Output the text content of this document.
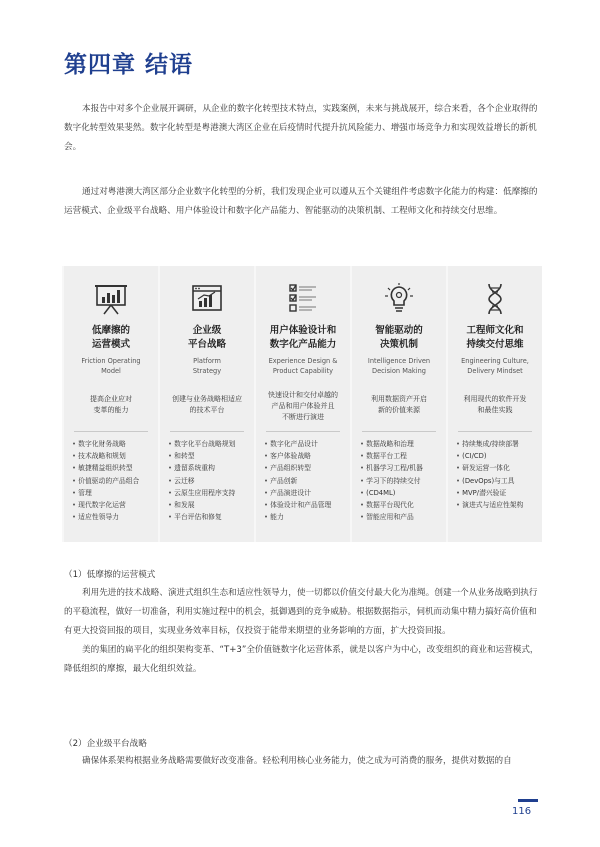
第四章 结语

本报告中对多个企业展开调研，从企业的数字化转型技术特点，实践案例，未来与挑战展开，综合来看，各个企业取得的数字化转型效果斐然。数字化转型是粤港澳大湾区企业在后疫情时代提升抗风险能力、增强市场竞争力和实现效益增长的新机会。

通过对粤港澳大湾区部分企业数字化转型的分析，我们发现企业可以遵从五个关键组件考虑数字化能力的构建：低摩擦的运营模式、企业级平台战略、用户体验设计和数字化产品能力、智能驱动的决策机制、工程师文化和持续交付思维。

低摩擦的
运营模式
Friction Operating
Model
提高企业应对
变革的能力
• 数字化财务战略
• 技术战略和规划
• 敏捷精益组织转型
• 价值驱动的产品组合
• 管理
• 现代数字化运营
• 适应性领导力
企业级
平台战略
Platform
Strategy
创建与业务战略相适应
的技术平台
• 数字化平台战略规划
• 和转型
• 遗留系统重构
• 云迁移
• 云原生应用程序支持
• 和发展
• 平台评估和修复
用户体验设计和
数字化产品能力
Experience Design &
Product Capability
快速设计和交付卓越的
产品和用户体验并且
不断进行演进
• 数字化产品设计
• 客户体验战略
• 产品组织转型
• 产品创新
• 产品演进设计
• 体验设计和产品管理
• 能力
智能驱动的
决策机制
Intelligence Driven
Decision Making
利用数据资产开启
新的价值来源
• 数据战略和治理
• 数据平台工程
• 机器学习工程/机器
• 学习下的持续交付
• (CD4ML)
• 数据平台现代化
• 智能应用和产品
工程师文化和
持续交付思维
Engineering Culture,
Delivery Mindset
利用现代的软件开发
和最佳实践
• 持续集成/持续部署
• (CI/CD)
• 研发运营一体化
• (DevOps)与工具
• MVP/潜兴验证
• 演进式与适应性架构
（1）低摩擦的运营模式

利用先进的技术战略、演进式组织生态和适应性领导力，使一切都以价值交付最大化为准绳。创建一个从业务战略到执行的平稳流程，做好一切准备，利用实施过程中的机会，抵御遇到的竞争威胁。根据数据指示，伺机而动集中精力搞好高价值和有更大投资回报的项目，实现业务效率目标，仅投资于能带来期望的业务影响的方面，扩大投资回报。

美的集团的扁平化的组织架构变革、“T+3”全价值链数字化运营体系，就是以客户为中心，改变组织的商业和运营模式，降低组织的摩擦，最大化组织效益。

（2）企业级平台战略

确保体系架构根据业务战略需要做好改变准备。轻松利用核心业务能力，使之成为可消费的服务，提供对数据的自

116
